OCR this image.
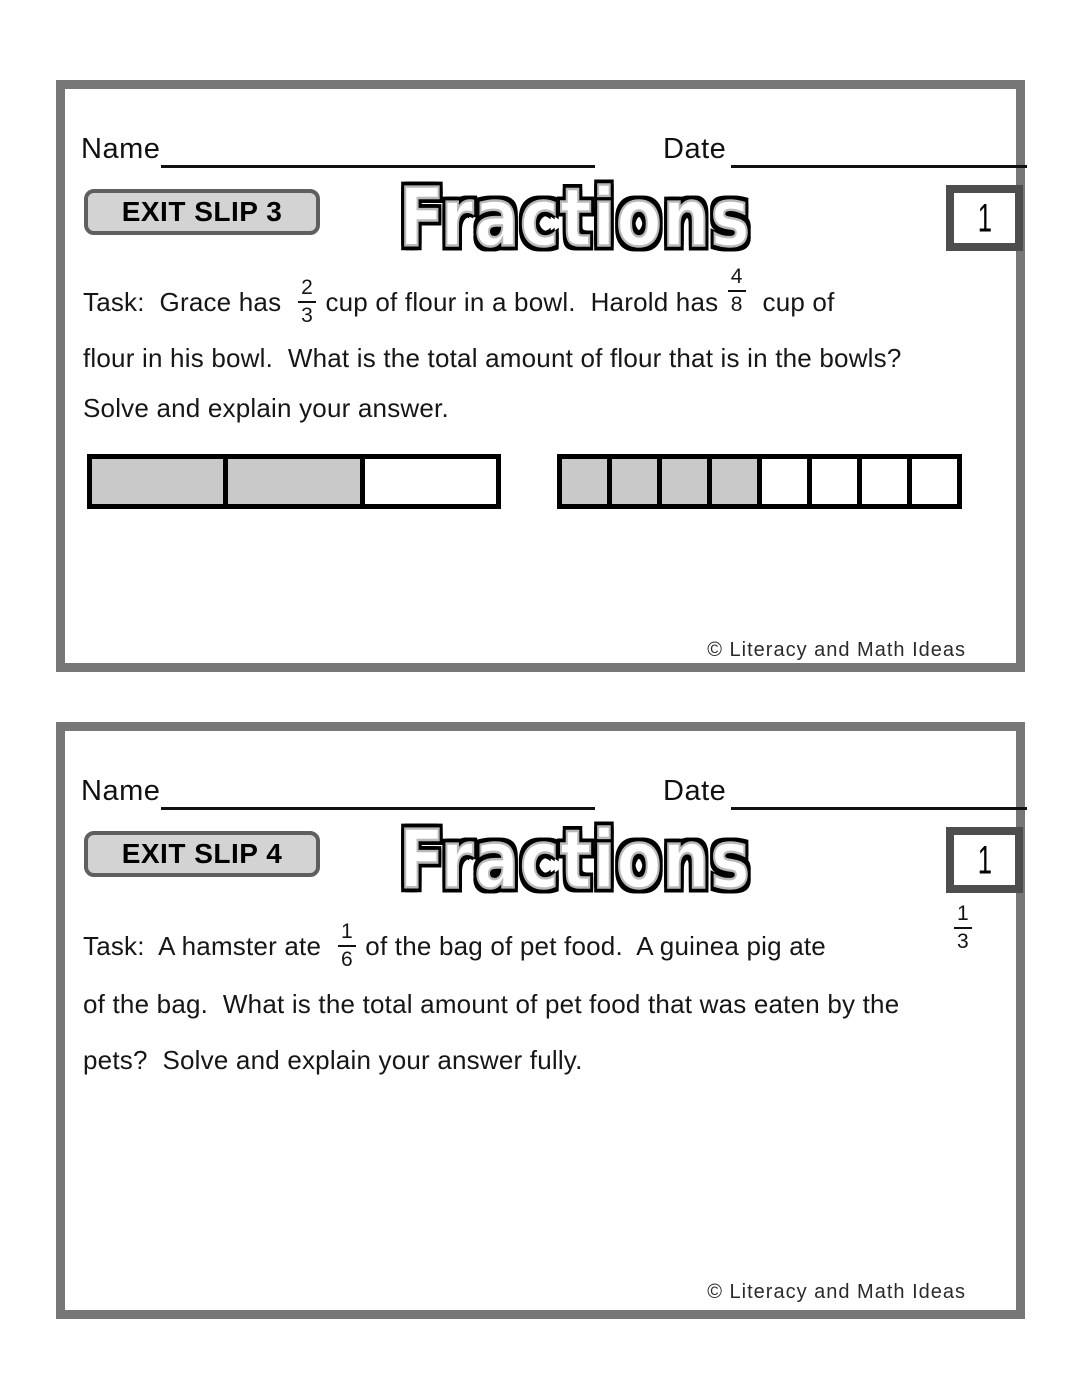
Name	Date
EXIT SLIP 3	Fractions	1
Task:  Grace has $\frac{2}{3}$ cup of flour in a bowl.  Harold has $\frac{4}{8}$ cup of
flour in his bowl.  What is the total amount of flour that is in the bowls?
Solve and explain your answer.
© Literacy and Math Ideas
Name	Date
EXIT SLIP 4	Fractions	1
$\frac{1}{3}$
Task:  A hamster ate $\frac{1}{6}$ of the bag of pet food.  A guinea pig ate
of the bag.  What is the total amount of pet food that was eaten by the
pets?  Solve and explain your answer fully.
© Literacy and Math Ideas
